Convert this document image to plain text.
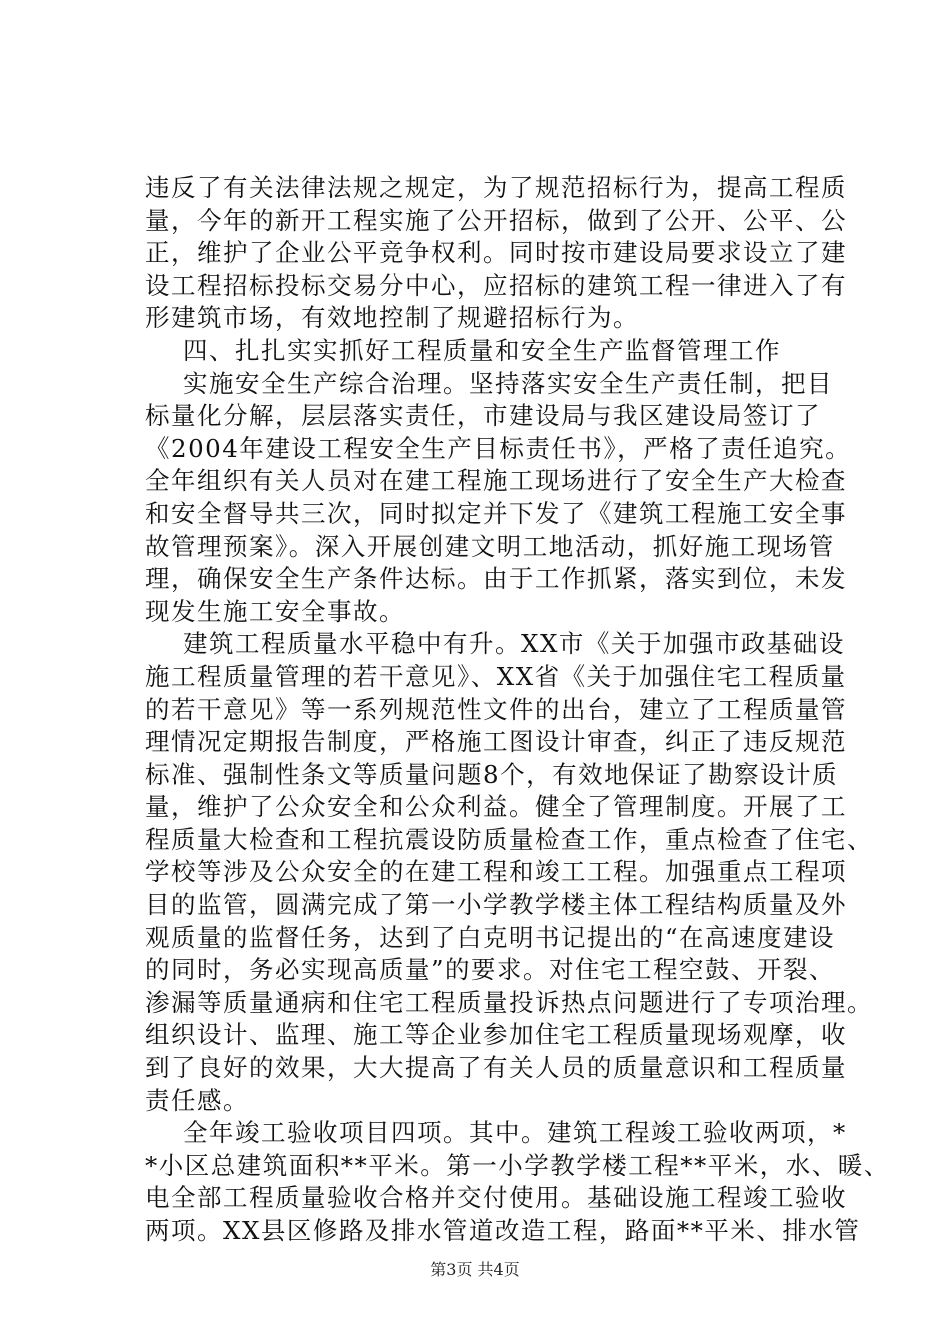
违反了有关法律法规之规定，为了规范招标行为，提高工程质
量，今年的新开工程实施了公开招标，做到了公开、公平、公
正，维护了企业公平竞争权利。同时按市建设局要求设立了建
设工程招标投标交易分中心，应招标的建筑工程一律进入了有
形建筑市场，有效地控制了规避招标行为。
四、扎扎实实抓好工程质量和安全生产监督管理工作
实施安全生产综合治理。坚持落实安全生产责任制，把目
标量化分解，层层落实责任，市建设局与我区建设局签订了
《2004年建设工程安全生产目标责任书》，严格了责任追究。
全年组织有关人员对在建工程施工现场进行了安全生产大检查
和安全督导共三次，同时拟定并下发了《建筑工程施工安全事
故管理预案》。深入开展创建文明工地活动，抓好施工现场管
理，确保安全生产条件达标。由于工作抓紧，落实到位，未发
现发生施工安全事故。
建筑工程质量水平稳中有升。XX市《关于加强市政基础设
施工程质量管理的若干意见》、XX省《关于加强住宅工程质量
的若干意见》等一系列规范性文件的出台，建立了工程质量管
理情况定期报告制度，严格施工图设计审查，纠正了违反规范
标准、强制性条文等质量问题8个，有效地保证了勘察设计质
量，维护了公众安全和公众利益。健全了管理制度。开展了工
程质量大检查和工程抗震设防质量检查工作，重点检查了住宅、
学校等涉及公众安全的在建工程和竣工工程。加强重点工程项
目的监管，圆满完成了第一小学教学楼主体工程结构质量及外
观质量的监督任务，达到了白克明书记提出的“在高速度建设
的同时，务必实现高质量”的要求。对住宅工程空鼓、开裂、
渗漏等质量通病和住宅工程质量投诉热点问题进行了专项治理。
组织设计、监理、施工等企业参加住宅工程质量现场观摩，收
到了良好的效果，大大提高了有关人员的质量意识和工程质量
责任感。
全年竣工验收项目四项。其中。建筑工程竣工验收两项，*
*小区总建筑面积**平米。第一小学教学楼工程**平米，水、暖、
电全部工程质量验收合格并交付使用。基础设施工程竣工验收
两项。XX县区修路及排水管道改造工程，路面**平米、排水管
第3页 共4页
